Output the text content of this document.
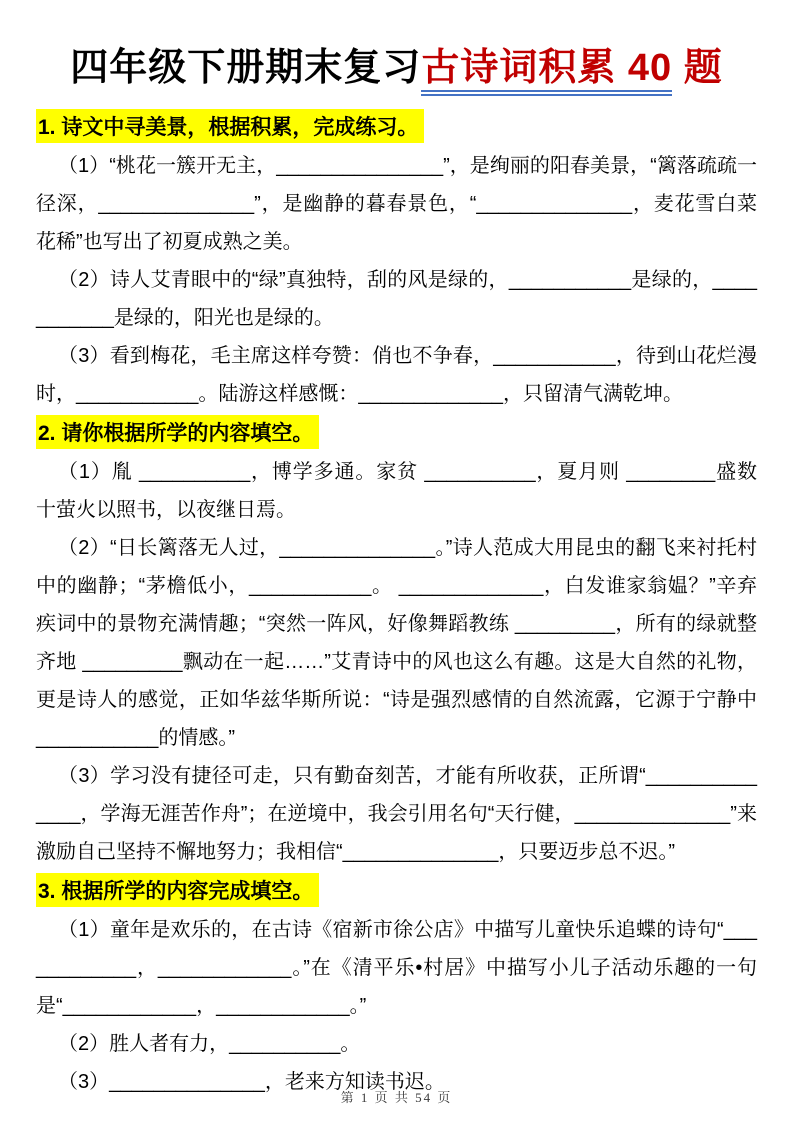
四年级下册期末复习古诗词积累 40 题
1. 诗文中寻美景，根据积累，完成练习。

（1）“桃花一簇开无主，_______________”，是绚丽的阳春美景，“篱落疏疏一径深，______________”，是幽静的暮春景色，“______________，麦花雪白菜花稀”也写出了初夏成熟之美。

（2）诗人艾青眼中的“绿”真独特，刮的风是绿的，___________是绿的，___________是绿的，阳光也是绿的。

（3）看到梅花，毛主席这样夸赞：俏也不争春，___________，待到山花烂漫时，___________。陆游这样感慨：_____________，只留清气满乾坤。

2. 请你根据所学的内容填空。

（1）胤 __________，博学多通。家贫 __________，夏月则 ________盛数十萤火以照书，以夜继日焉。

（2）“日长篱落无人过，______________。”诗人范成大用昆虫的翻飞来衬托村中的幽静；“茅檐低小，___________。 _____________，白发谁家翁媪？”辛弃疾词中的景物充满情趣；“突然一阵风，好像舞蹈教练 _________，所有的绿就整齐地 _________飘动在一起……”艾青诗中的风也这么有趣。这是大自然的礼物，更是诗人的感觉，正如华兹华斯所说：“诗是强烈感情的自然流露，它源于宁静中 ___________的情感。”

（3）学习没有捷径可走，只有勤奋刻苦，才能有所收获，正所谓“______________，学海无涯苦作舟”；在逆境中，我会引用名句“天行健，______________”来激励自己坚持不懈地努力；我相信“______________，只要迈步总不迟。”

3. 根据所学的内容完成填空。

（1）童年是欢乐的，在古诗《宿新市徐公店》中描写儿童快乐追蝶的诗句“____________，____________。”在《清平乐•村居》中描写小儿子活动乐趣的一句是“____________，____________。”

（2）胜人者有力，__________。

（3）______________，老来方知读书迟。

第 1 页 共 54 页
